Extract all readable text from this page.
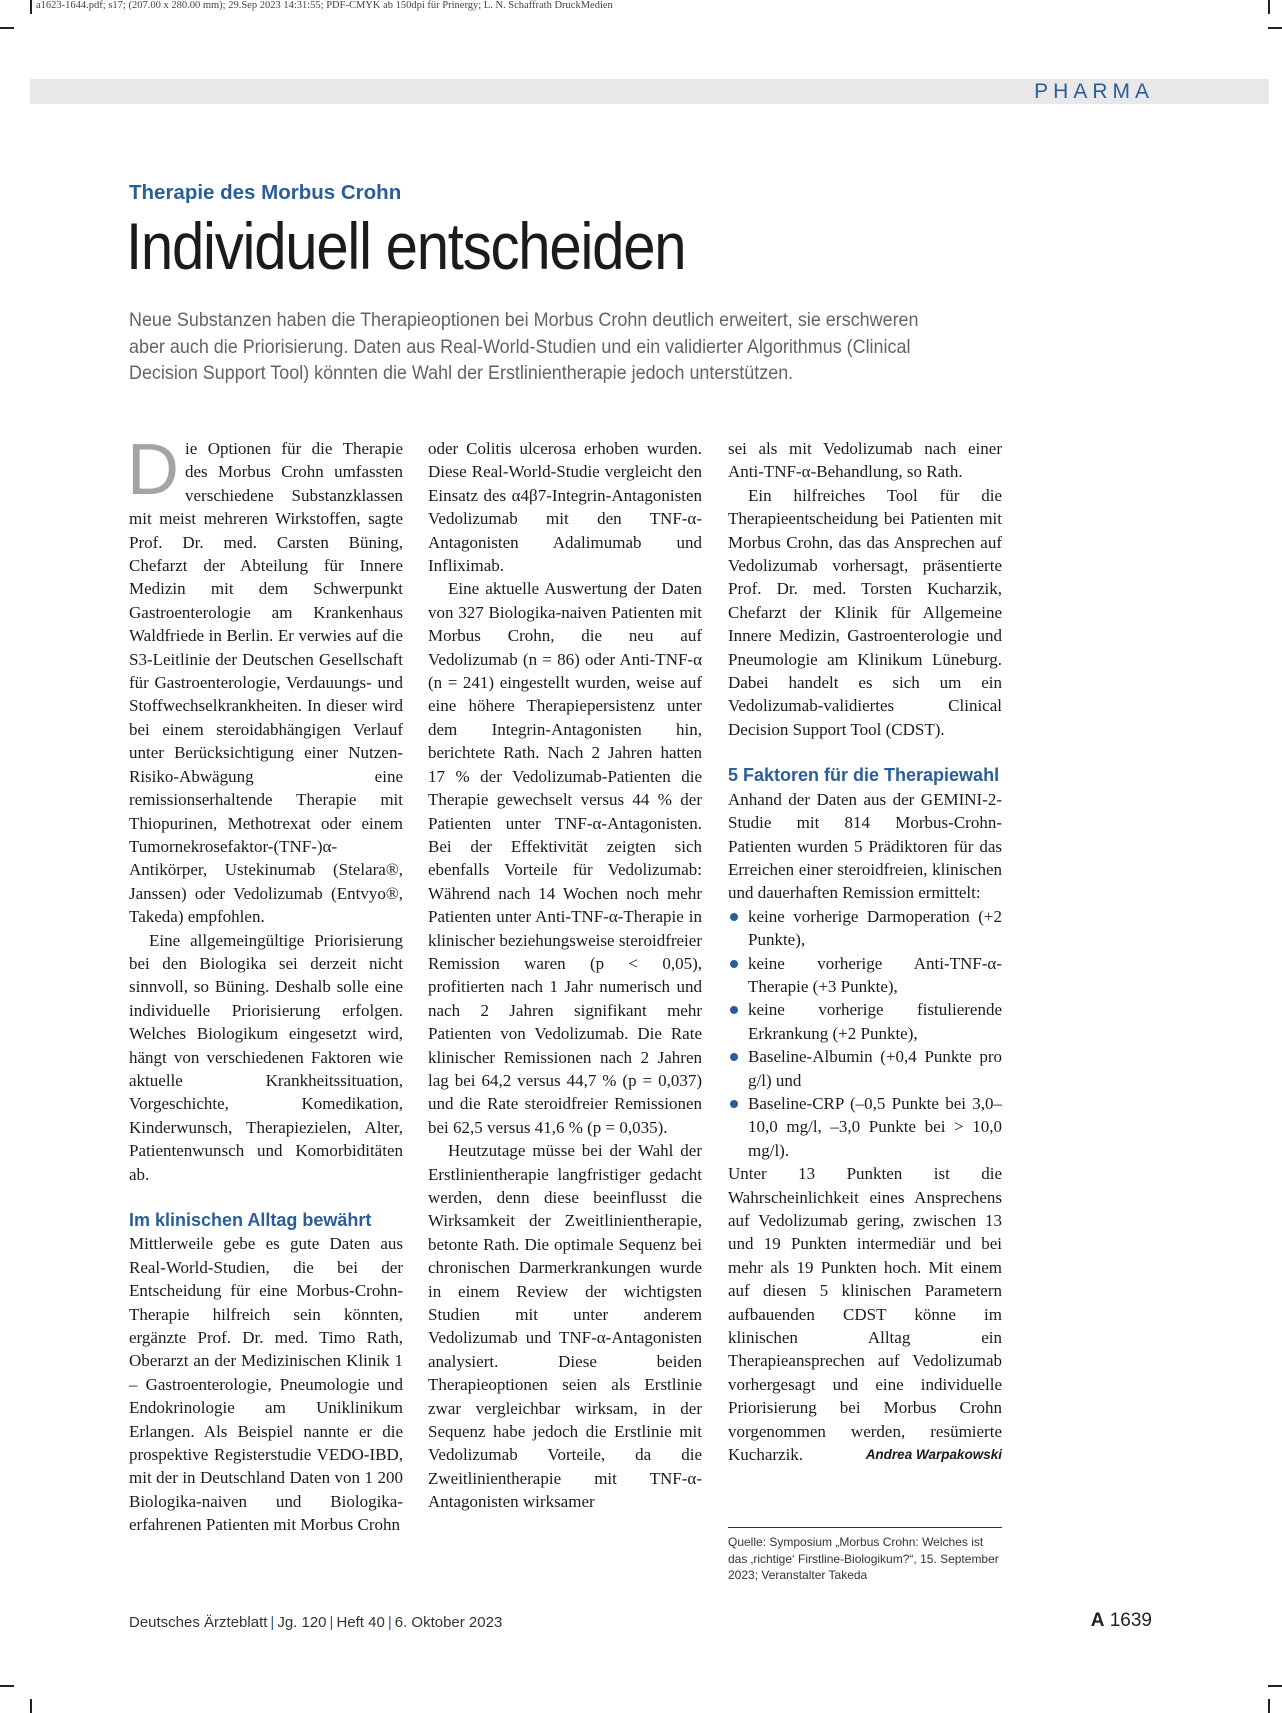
a1623-1644.pdf; s17; (207.00 x 280.00 mm); 29.Sep 2023 14:31:55; PDF-CMYK ab 150dpi für Prinergy; L. N. Schaffrath DruckMedien
PHARMA
Therapie des Morbus Crohn
Individuell entscheiden
Neue Substanzen haben die Therapieoptionen bei Morbus Crohn deutlich erweitert, sie erschweren
aber auch die Priorisierung. Daten aus Real-World-Studien und ein validierter Algorithmus (Clinical
Decision Support Tool) könnten die Wahl der Erstlinientherapie jedoch unterstützen.

Die Optionen für die Therapie des Morbus Crohn umfassten verschiedene Substanzklassen mit meist mehreren Wirkstoffen, sagte Prof. Dr. med. Carsten Büning, Chefarzt der Abteilung für Innere Medizin mit dem Schwerpunkt Gastroenterologie am Krankenhaus Waldfriede in Berlin. Er verwies auf die S3-Leitlinie der Deutschen Gesellschaft für Gastroenterologie, Verdauungs- und Stoffwechselkrankheiten. In dieser wird bei einem steroidabhängigen Verlauf unter Berücksichtigung einer Nutzen-Risiko-Abwägung eine remissionserhaltende Therapie mit Thiopurinen, Methotrexat oder einem Tumornekrosefaktor-(TNF-)α-Antikörper, Ustekinumab (Stelara®, Janssen) oder Vedolizumab (Entvyo®, Takeda) empfohlen.

Eine allgemeingültige Priorisierung bei den Biologika sei derzeit nicht sinnvoll, so Büning. Deshalb solle eine individuelle Priorisierung erfolgen. Welches Biologikum eingesetzt wird, hängt von verschiedenen Faktoren wie aktuelle Krankheitssituation, Vorgeschichte, Komedikation, Kinderwunsch, Therapiezielen, Alter, Patientenwunsch und Komorbiditäten ab.

Im klinischen Alltag bewährt

Mittlerweile gebe es gute Daten aus Real-World-Studien, die bei der Entscheidung für eine Morbus-Crohn-Therapie hilfreich sein könnten, ergänzte Prof. Dr. med. Timo Rath, Oberarzt an der Medizinischen Klinik 1 – Gastroenterologie, Pneumologie und Endokrinologie am Uniklinikum Erlangen. Als Beispiel nannte er die prospektive Registerstudie VEDO-IBD, mit der in Deutschland Daten von 1 200 Biologika-naiven und Biologika-erfahrenen Patienten mit Morbus Crohn

oder Colitis ulcerosa erhoben wurden. Diese Real-World-Studie vergleicht den Einsatz des α4β7-Integrin-Antagonisten Vedolizumab mit den TNF-α-Antagonisten Adalimumab und Infliximab.

Eine aktuelle Auswertung der Daten von 327 Biologika-naiven Patienten mit Morbus Crohn, die neu auf Vedolizumab (n = 86) oder Anti-TNF-α (n = 241) eingestellt wurden, weise auf eine höhere Therapiepersistenz unter dem Integrin-Antagonisten hin, berichtete Rath. Nach 2 Jahren hatten 17 % der Vedolizumab-Patienten die Therapie gewechselt versus 44 % der Patienten unter TNF-α-Antagonisten. Bei der Effektivität zeigten sich ebenfalls Vorteile für Vedolizumab: Während nach 14 Wochen noch mehr Patienten unter Anti-TNF-α-Therapie in klinischer beziehungsweise steroidfreier Remission waren (p < 0,05), profitierten nach 1 Jahr numerisch und nach 2 Jahren signifikant mehr Patienten von Vedolizumab. Die Rate klinischer Remissionen nach 2 Jahren lag bei 64,2 versus 44,7 % (p = 0,037) und die Rate steroidfreier Remissionen bei 62,5 versus 41,6 % (p = 0,035).

Heutzutage müsse bei der Wahl der Erstlinientherapie langfristiger gedacht werden, denn diese beeinflusst die Wirksamkeit der Zweitlinientherapie, betonte Rath. Die optimale Sequenz bei chronischen Darmerkrankungen wurde in einem Review der wichtigsten Studien mit unter anderem Vedolizumab und TNF-α-Antagonisten analysiert. Diese beiden Therapieoptionen seien als Erstlinie zwar vergleichbar wirksam, in der Sequenz habe jedoch die Erstlinie mit Vedolizumab Vorteile, da die Zweitlinientherapie mit TNF-α-Antagonisten wirksamer

sei als mit Vedolizumab nach einer Anti-TNF-α-Behandlung, so Rath.

Ein hilfreiches Tool für die Therapieentscheidung bei Patienten mit Morbus Crohn, das das Ansprechen auf Vedolizumab vorhersagt, präsentierte Prof. Dr. med. Torsten Kucharzik, Chefarzt der Klinik für Allgemeine Innere Medizin, Gastroenterologie und Pneumologie am Klinikum Lüneburg. Dabei handelt es sich um ein Vedolizumab-validiertes Clinical Decision Support Tool (CDST).

5 Faktoren für die Therapiewahl

Anhand der Daten aus der GEMINI-2-Studie mit 814 Morbus-Crohn-Patienten wurden 5 Prädiktoren für das Erreichen einer steroidfreien, klinischen und dauerhaften Remission ermittelt:

keine vorherige Darmoperation (+2 Punkte),
keine vorherige Anti-TNF-α-Therapie (+3 Punkte),
keine vorherige fistulierende Erkrankung (+2 Punkte),
Baseline-Albumin (+0,4 Punkte pro g/l) und
Baseline-CRP (–0,5 Punkte bei 3,0–10,0 mg/l, –3,0 Punkte bei > 10,0 mg/l).

Unter 13 Punkten ist die Wahrscheinlichkeit eines Ansprechens auf Vedolizumab gering, zwischen 13 und 19 Punkten intermediär und bei mehr als 19 Punkten hoch. Mit einem auf diesen 5 klinischen Parametern aufbauenden CDST könne im klinischen Alltag ein Therapieansprechen auf Vedolizumab vorhergesagt und eine individuelle Priorisierung bei Morbus Crohn vorgenommen werden, resümierte Kucharzik.	Andrea Warpakowski

Quelle: Symposium „Morbus Crohn: Welches ist das ‚richtige‘ Firstline-Biologikum?“, 15. September 2023; Veranstalter Takeda
Deutsches Ärzteblatt | Jg. 120 | Heft 40 | 6. Oktober 2023	A 1639
